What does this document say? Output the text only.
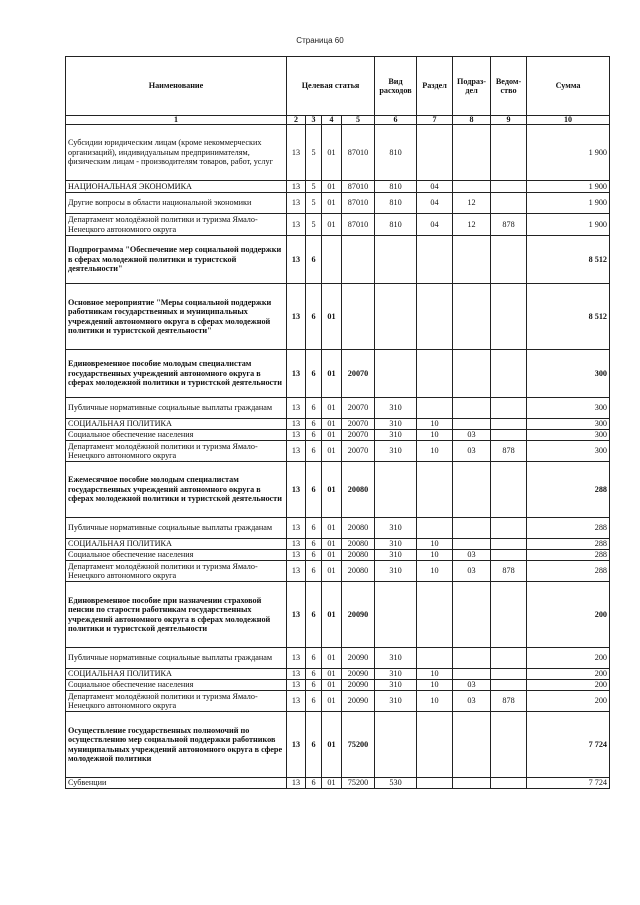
Страница 60
Наименование	Целевая статья				Вид расходов	Раздел	Подраз-дел	Ведом-ство	Сумма
1	2	3	4	5	6	7	8	9	10
Субсидии юридическим лицам (кроме некоммерческих организаций), индивидуальным предпринимателям, физическим лицам - производителям товаров, работ, услуг	13	5	01	87010	810				1 900
НАЦИОНАЛЬНАЯ ЭКОНОМИКА	13	5	01	87010	810	04			1 900
Другие вопросы в области национальной экономики	13	5	01	87010	810	04	12		1 900
Департамент молодёжной политики и туризма Ямало-Ненецкого автономного округа	13	5	01	87010	810	04	12	878	1 900
Подпрограмма "Обеспечение мер социальной поддержки в сферах молодежной политики и туристской деятельности"	13	6							8 512
Основное мероприятие "Меры социальной поддержки работникам государственных и муниципальных учреждений автономного округа в сферах молодежной политики и туристской деятельности"	13	6	01						8 512
Единовременное пособие молодым специалистам государственных учреждений автономного округа в сферах молодежной политики и туристской деятельности	13	6	01	20070					300
Публичные нормативные социальные выплаты гражданам	13	6	01	20070	310				300
СОЦИАЛЬНАЯ ПОЛИТИКА	13	6	01	20070	310	10			300
Социальное обеспечение населения	13	6	01	20070	310	10	03		300
Департамент молодёжной политики и туризма Ямало-Ненецкого автономного округа	13	6	01	20070	310	10	03	878	300
Ежемесячное пособие молодым специалистам государственных учреждений автономного округа в сферах молодежной политики и туристской деятельности	13	6	01	20080					288
Публичные нормативные социальные выплаты гражданам	13	6	01	20080	310				288
СОЦИАЛЬНАЯ ПОЛИТИКА	13	6	01	20080	310	10			288
Социальное обеспечение населения	13	6	01	20080	310	10	03		288
Департамент молодёжной политики и туризма Ямало-Ненецкого автономного округа	13	6	01	20080	310	10	03	878	288
Единовременное пособие при назначении страховой пенсии по старости работникам государственных учреждений автономного округа в сферах молодежной политики и туристской деятельности	13	6	01	20090					200
Публичные нормативные социальные выплаты гражданам	13	6	01	20090	310				200
СОЦИАЛЬНАЯ ПОЛИТИКА	13	6	01	20090	310	10			200
Социальное обеспечение населения	13	6	01	20090	310	10	03		200
Департамент молодёжной политики и туризма Ямало-Ненецкого автономного округа	13	6	01	20090	310	10	03	878	200
Осуществление государственных полномочий по осуществлению мер социальной поддержки работников муниципальных учреждений автономного округа в сфере молодежной политики	13	6	01	75200					7 724
Субвенции	13	6	01	75200	530				7 724
